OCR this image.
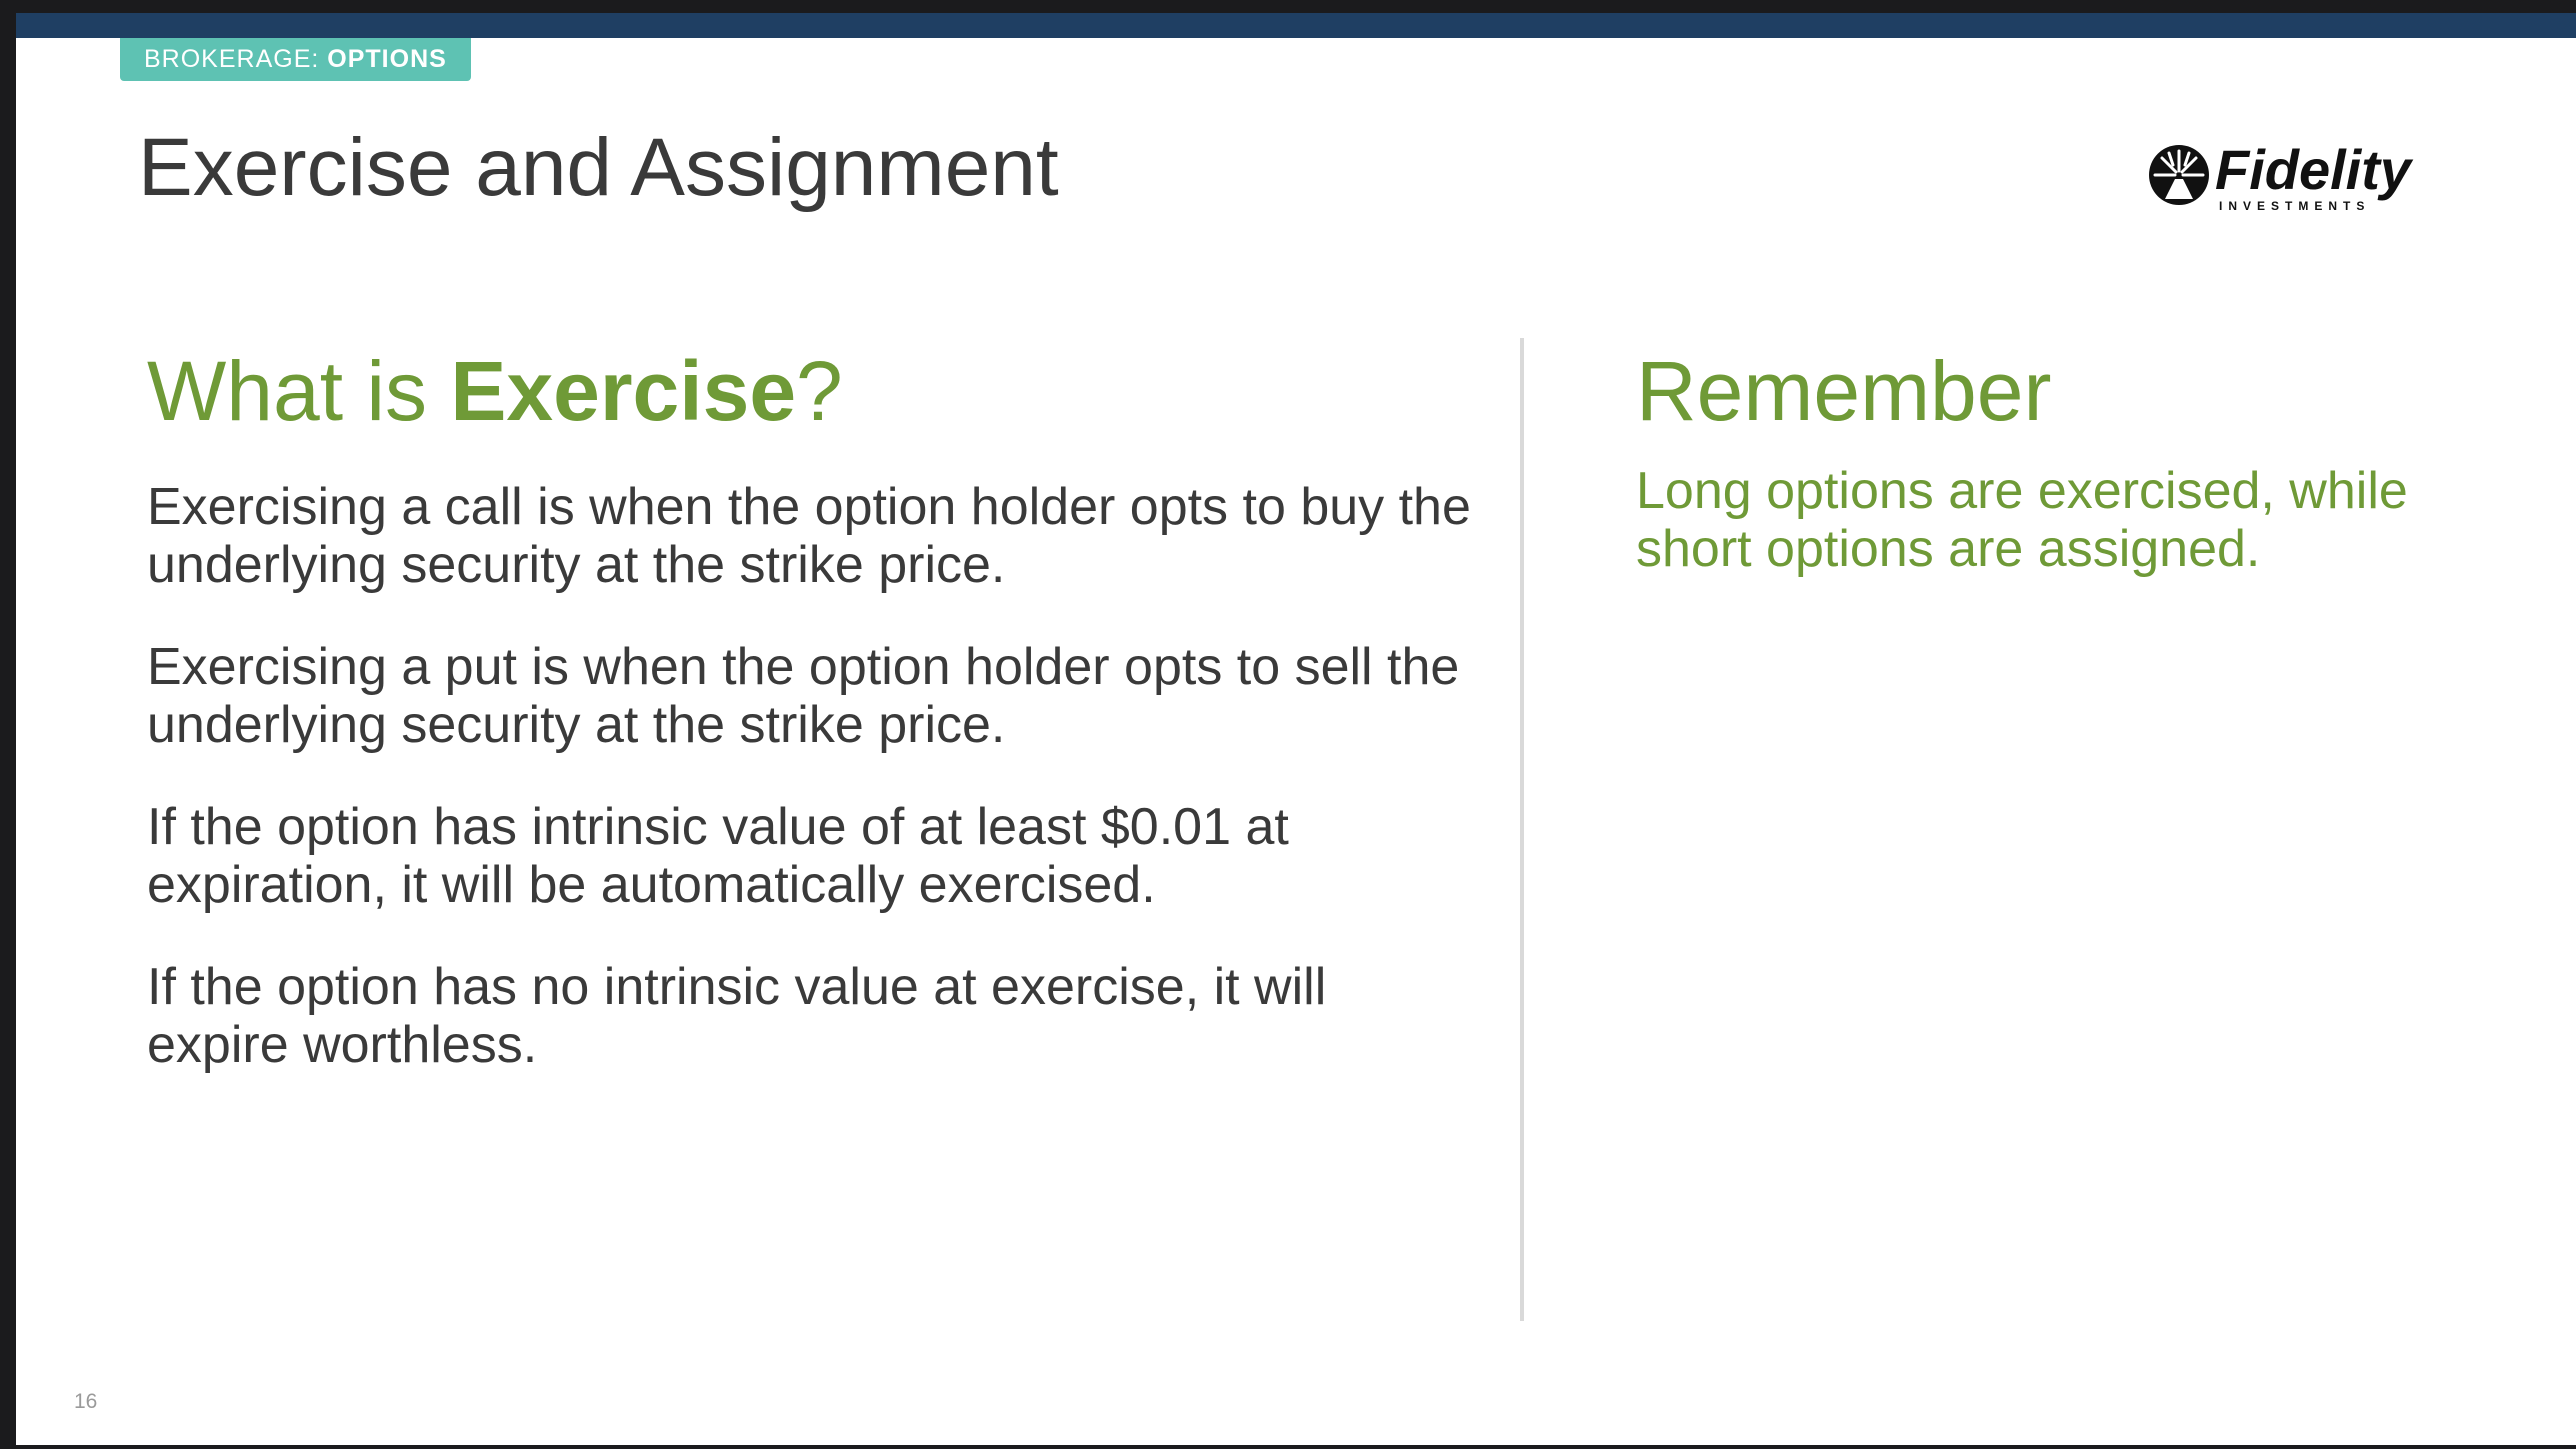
BROKERAGE: OPTIONS
Exercise and Assignment	Fidelity
INVESTMENTS
What is Exercise?

Exercising a call is when the option holder opts to buy the underlying security at the strike price.

Exercising a put is when the option holder opts to sell the underlying security at the strike price.

If the option has intrinsic value of at least $0.01 at expiration, it will be automatically exercised.

If the option has no intrinsic value at exercise, it will expire worthless.

Remember

Long options are exercised, while short options are assigned.

16
